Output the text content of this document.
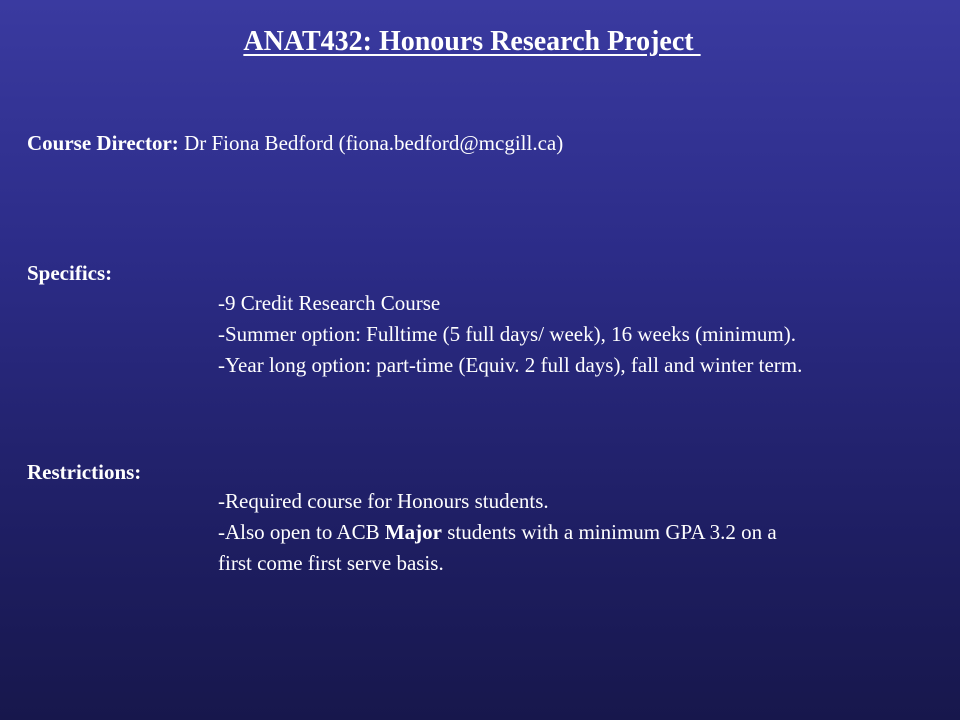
ANAT432: Honours Research Project
Course Director: Dr Fiona Bedford (fiona.bedford@mcgill.ca)
Specifics:
-9 Credit Research Course
-Summer option: Fulltime (5 full days/ week), 16 weeks (minimum).
-Year long option: part-time (Equiv. 2 full days), fall and winter term.
Restrictions:
-Required course for Honours students.
-Also open to ACB Major students with a minimum GPA 3.2 on a
first come first serve basis.
